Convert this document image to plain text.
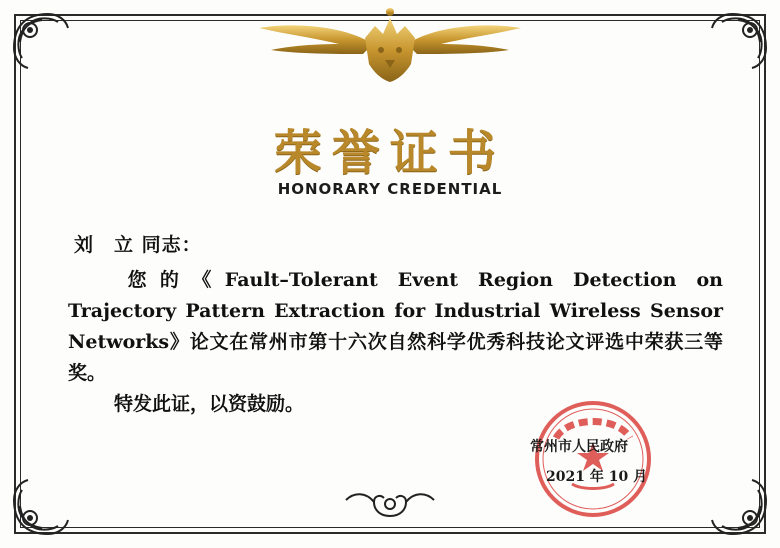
荣誉证书
HONORARY CREDENTIAL

刘　立 同志：

您的《Fault–Tolerant Event Region Detection on Trajectory Pattern Extraction for Industrial Wireless Sensor Networks》论文在常州市第十六次自然科学优秀科技论文评选中荣获三等奖。

特发此证，以资鼓励。

常州市人民政府
2021 年 10 月
